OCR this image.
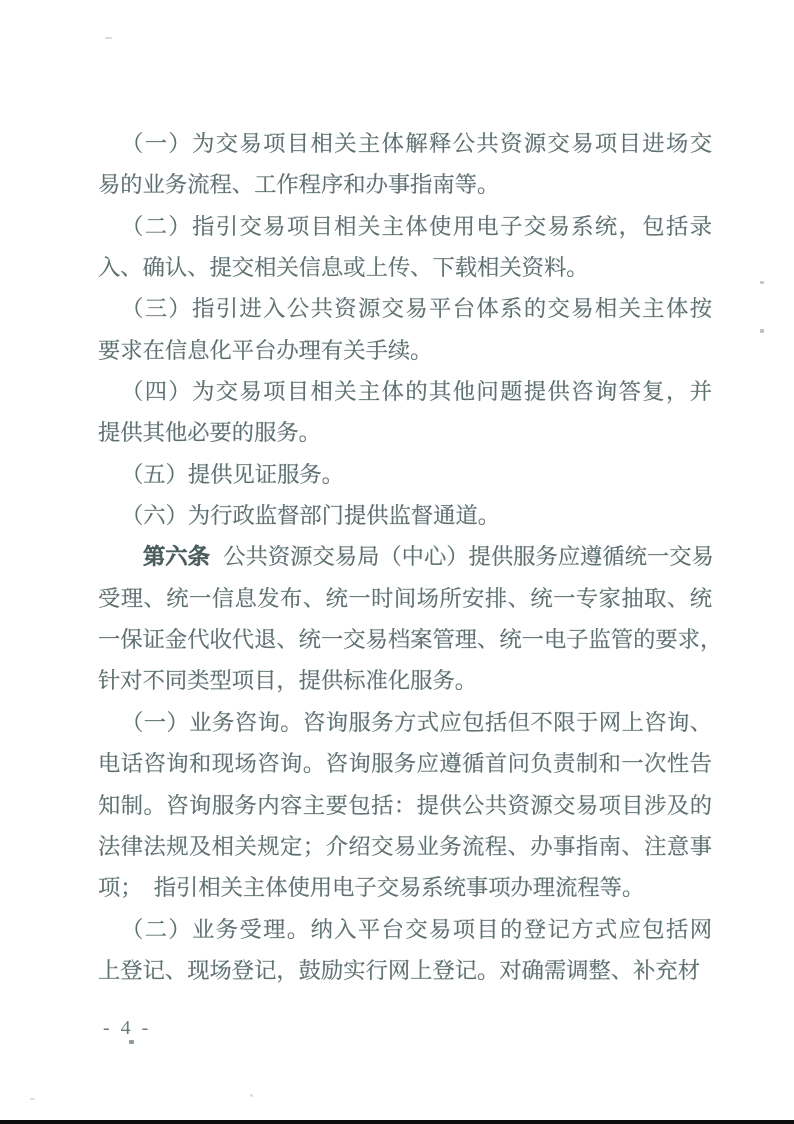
（一）为交易项目相关主体解释公共资源交易项目进场交
易的业务流程、工作程序和办事指南等。
（二）指引交易项目相关主体使用电子交易系统，包括录
入、确认、提交相关信息或上传、下载相关资料。
（三）指引进入公共资源交易平台体系的交易相关主体按
要求在信息化平台办理有关手续。
（四）为交易项目相关主体的其他问题提供咨询答复，并
提供其他必要的服务。
（五）提供见证服务。
（六）为行政监督部门提供监督通道。
第六条 公共资源交易局（中心）提供服务应遵循统一交易
受理、统一信息发布、统一时间场所安排、统一专家抽取、统
一保证金代收代退、统一交易档案管理、统一电子监管的要求，
针对不同类型项目，提供标准化服务。
（一）业务咨询。咨询服务方式应包括但不限于网上咨询、
电话咨询和现场咨询。咨询服务应遵循首问负责制和一次性告
知制。咨询服务内容主要包括：提供公共资源交易项目涉及的
法律法规及相关规定；介绍交易业务流程、办事指南、注意事
项；　指引相关主体使用电子交易系统事项办理流程等。
（二）业务受理。纳入平台交易项目的登记方式应包括网
上登记、现场登记，鼓励实行网上登记。对确需调整、补充材
- 4 -
